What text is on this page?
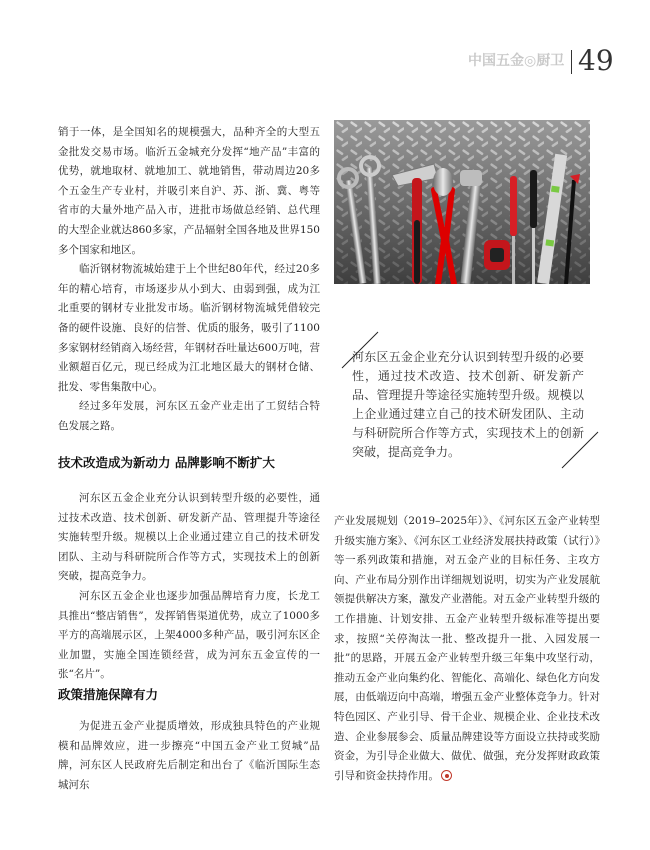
中国五金◎厨卫 49

销于一体，是全国知名的规模强大，品种齐全的大型五金批发交易市场。临沂五金城充分发挥“地产品”丰富的优势，就地取材、就地加工、就地销售，带动周边20多个五金生产专业村，并吸引来自沪、苏、浙、冀、粤等省市的大量外地产品入市，进批市场做总经销、总代理的大型企业就达860多家，产品辐射全国各地及世界150多个国家和地区。

临沂钢材物流城始建于上个世纪80年代，经过20多年的精心培育，市场逐步从小到大、由弱到强，成为江北重要的钢材专业批发市场。临沂钢材物流城凭借较完备的硬件设施、良好的信誉、优质的服务，吸引了1100多家钢材经销商入场经营，年钢材吞吐量达600万吨，营业额超百亿元，现已经成为江北地区最大的钢材仓储、批发、零售集散中心。

经过多年发展，河东区五金产业走出了工贸结合特色发展之路。

技术改造成为新动力 品牌影响不断扩大

河东区五金企业充分认识到转型升级的必要性，通过技术改造、技术创新、研发新产品、管理提升等途径实施转型升级。规模以上企业通过建立自己的技术研发团队、主动与科研院所合作等方式，实现技术上的创新突破，提高竞争力。

河东区五金企业也逐步加强品牌培育力度，长龙工具推出“整店销售”，发挥销售渠道优势，成立了1000多平方的高端展示区，上架4000多种产品，吸引河东区企业加盟，实施全国连锁经营，成为河东五金宣传的一张“名片”。

政策措施保障有力

为促进五金产业提质增效，形成独具特色的产业规模和品牌效应，进一步擦亮“中国五金产业工贸城”品牌，河东区人民政府先后制定和出台了《临沂国际生态城河东

产业发展规划（2019–2025年）》、《河东区五金产业转型升级实施方案》、《河东区工业经济发展扶持政策（试行）》等一系列政策和措施，对五金产业的目标任务、主攻方向、产业布局分别作出详细规划说明，切实为产业发展航领提供解决方案，激发产业潜能。对五金产业转型升级的工作措施、计划安排、五金产业转型升级标准等提出要求，按照“关停淘汰一批、整改提升一批、入园发展一批”的思路，开展五金产业转型升级三年集中攻坚行动，推动五金产业向集约化、智能化、高端化、绿色化方向发展，由低端迈向中高端，增强五金产业整体竞争力。针对特色园区、产业引导、骨干企业、规模企业、企业技术改造、企业参展参会、质量品牌建设等方面设立扶持或奖励资金，为引导企业做大、做优、做强，充分发挥财政政策引导和资金扶持作用。

河东区五金企业充分认识到转型升级的必要性，通过技术改造、技术创新、研发新产品、管理提升等途径实施转型升级。规模以上企业通过建立自己的技术研发团队、主动与科研院所合作等方式，实现技术上的创新突破，提高竞争力。
